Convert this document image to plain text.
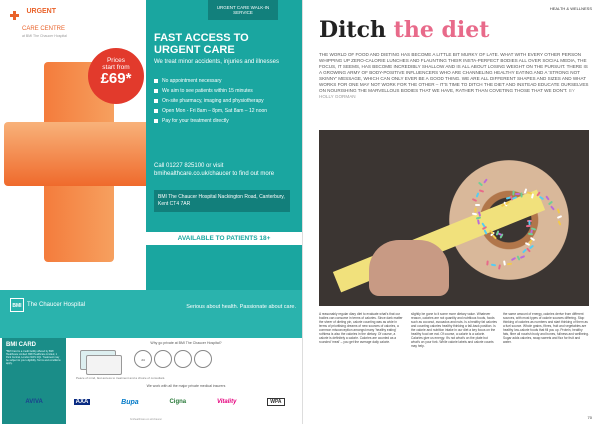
URGENT
CARE CENTRE
at BMI The Chaucer Hospital
Prices
start from
£69*
URGENT CARE WALK-IN SERVICE
FAST ACCESS TO URGENT CARE
We treat minor accidents, injuries and illnesses
No appointment necessary
We aim to see patients within 15 minutes
On-site pharmacy, imaging and physiotherapy
Open Mon - Fri 8am – 8pm, Sat 8am – 12 noon
Pay for your treatment directly
Call 01227 825100 or visit bmihealthcare.co.uk/chaucer to find out more
BMI The Chaucer Hospital Nackington Road, Canterbury, Kent CT4 7AR
AVAILABLE TO PATIENTS 18+
BMI The Chaucer Hospital	Serious about health. Passionate about care.
BMI CARD
*BMI Card is a credit facility offered by BMI Healthcare Limited. BMI Healthcare Limited, 1 Park Central, London NW1 2QJ. Treatment may be subject to your eligibility. Terms and conditions apply.
Why go private at BMI The Chaucer Hospital?
24
Peace of mind, fast access to treatment and a choice of consultant.
We work with all the major private medical insurers
AVIVA	AXA	Bupa	Cigna	Vitality	WPA
bmihealthcare.co.uk/chaucer
HEALTH & WELLNESS
Ditch the diet
THE WORLD OF FOOD AND DIETING HAS BECOME A LITTLE BIT MURKY OF LATE. WHAT WITH EVERY OTHER PERSON WHIPPING UP ZERO-CALORIE LUNCHES AND FLAUNTING THEIR INSTA-PERFECT BODIES ALL OVER SOCIAL MEDIA, THE FOCUS, IT SEEMS, HAS BECOME INCREDIBLY SHALLOW AND IS ALL ABOUT LOSING WEIGHT ON THE PURSUIT. THERE IS A GROWING ARMY OF BODY-POSITIVE INFLUENCERS WHO ARE CHANNELING HEALTHY EATING AND A 'STRONG NOT SKINNY' MESSAGE, WHICH CAN ONLY EVER BE A GOOD THING. WE ARE ALL DIFFERENT SHAPES AND SIZES AND WHAT WORKS FOR ONE MAY NOT WORK FOR THE OTHER – IT'S TIME TO DITCH THE DIET AND INSTEAD EDUCATE OURSELVES ON NOURISHING THE MARVELLOUS BODIES THAT WE HAVE, RATHER THAN COVETING THOSE THAT WE DON'T. BY HOLLY GORMAN
A reasonably regular diary diet to evaluate what's that our bodies can consume in terms of calories. Since dark matter the sheer of dieting pin, calorie counting was as wide in terms of prioritising dreams of new sources of calories, a common misconception amongst many 'healthy eating' ruthless is also the calories in the dietary. Of course, a calorie is definitely a calorie. Calories are counted as a rounded 'meal' – you get the average daily calorie.
slightly be gone to it some more dietary value. Whatever reason, calories are not quantity and nutritious foods, foods such as coconut, avocados and nuts. Is a healthy fat calories and counting calories healthy thinking a fall-back position. Is the calorie and nutrition intake in our diet a key focus on the healthy food we eat. Of course, a calorie is a calorie. Calories give us energy. It's not what's on the plate but what's on your fork. While calorie labels and calorie counts may help.
the same amount of energy, calories derive from different sources, with most types of calorie sources differing. Stop thinking of calories as numbers and start thinking of them as a fuel source. Whole grains, fibres, fruit and vegetables are healthy low-calorie foods that fill you up. Protein, healthy fats, fibre all nourish body and bones, fullness and wellbeing. Sugar adds calories, swap sweets and fizz for fruit and water.
70
